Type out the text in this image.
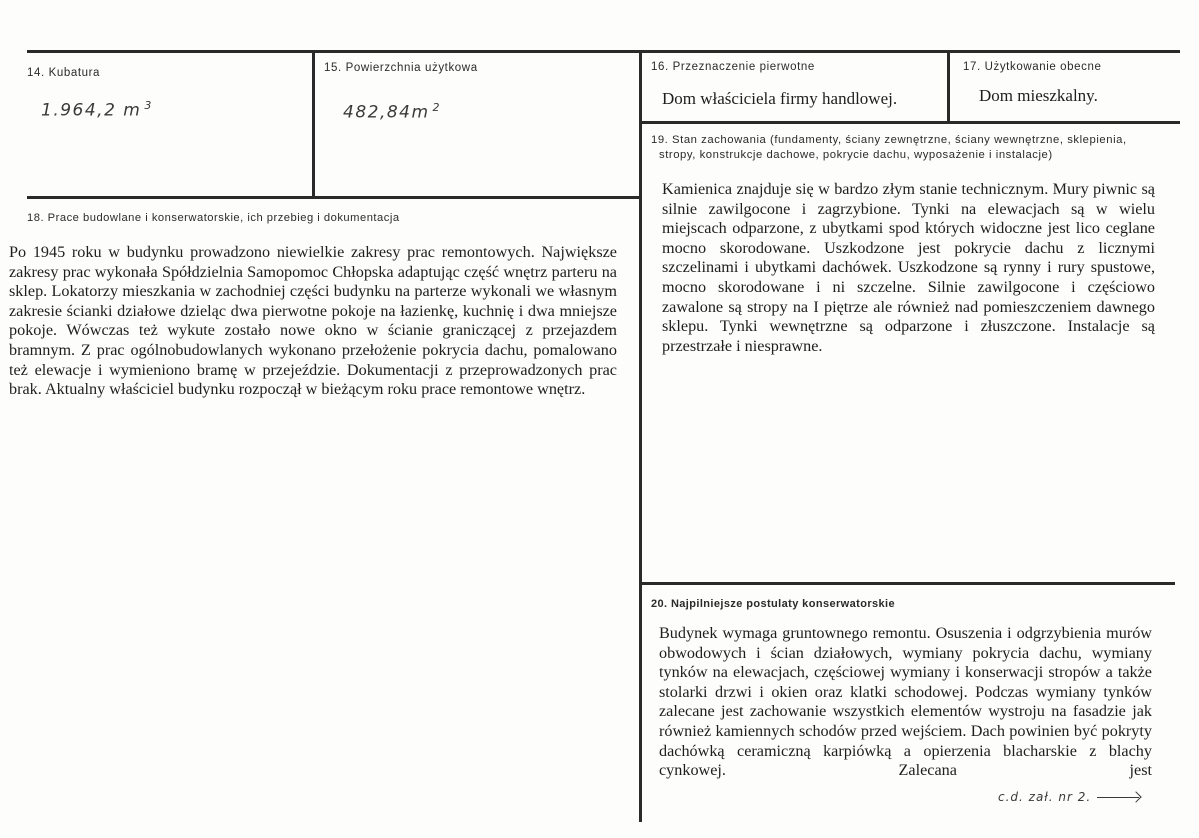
14. Kubatura
1.964,2 m $^3$
15. Powierzchnia użytkowa
482,84m $^2$
16. Przeznaczenie pierwotne
Dom właściciela firmy handlowej.
17. Użytkowanie obecne
Dom mieszkalny.
18. Prace budowlane i konserwatorskie, ich przebieg i dokumentacja
Po 1945 roku w budynku prowadzono niewielkie zakresy prac remontowych. Największe zakresy prac wykonała Spółdzielnia Samopomoc Chłopska adaptując część wnętrz parteru na sklep. Lokatorzy mieszkania w zachodniej części budynku na parterze wykonali we własnym zakresie ścianki działowe dzieląc dwa pierwotne pokoje na łazienkę, kuchnię i dwa mniejsze pokoje. Wówczas też wykute zostało nowe okno w ścianie graniczącej z przejazdem bramnym. Z prac ogólnobudowlanych wykonano przełożenie pokrycia dachu, pomalowano też elewacje i wymieniono bramę w przejeździe. Dokumentacji z przeprowadzonych prac brak. Aktualny właściciel budynku rozpoczął w bieżącym roku prace remontowe wnętrz.
19. Stan zachowania (fundamenty, ściany zewnętrzne, ściany wewnętrzne, sklepienia,
stropy, konstrukcje dachowe, pokrycie dachu, wyposażenie i instalacje)
Kamienica znajduje się w bardzo złym stanie technicznym. Mury piwnic są silnie zawilgocone i zagrzybione. Tynki na elewacjach są w wielu miejscach odparzone, z ubytkami spod których widoczne jest lico ceglane mocno skorodowane. Uszkodzone jest pokrycie dachu z licznymi szczelinami i ubytkami dachówek. Uszkodzone są rynny i rury spustowe, mocno skorodowane i ni szczelne. Silnie zawilgocone i częściowo zawalone są stropy na I piętrze ale również nad pomieszczeniem dawnego sklepu. Tynki wewnętrzne są odparzone i złuszczone. Instalacje są przestrzałe i niesprawne.
20. Najpilniejsze postulaty konserwatorskie
Budynek wymaga gruntownego remontu. Osuszenia i odgrzybienia murów obwodowych i ścian działowych, wymiany pokrycia dachu, wymiany tynków na elewacjach, częściowej wymiany i konserwacji stropów a także stolarki drzwi i okien oraz klatki schodowej. Podczas wymiany tynków zalecane jest zachowanie wszystkich elementów wystroju na fasadzie jak również kamiennych schodów przed wejściem. Dach powinien być pokryty dachówką ceramiczną karpiówką a opierzenia blacharskie z blachy cynkowej. Zalecana jest
c.d. zał. nr 2.
